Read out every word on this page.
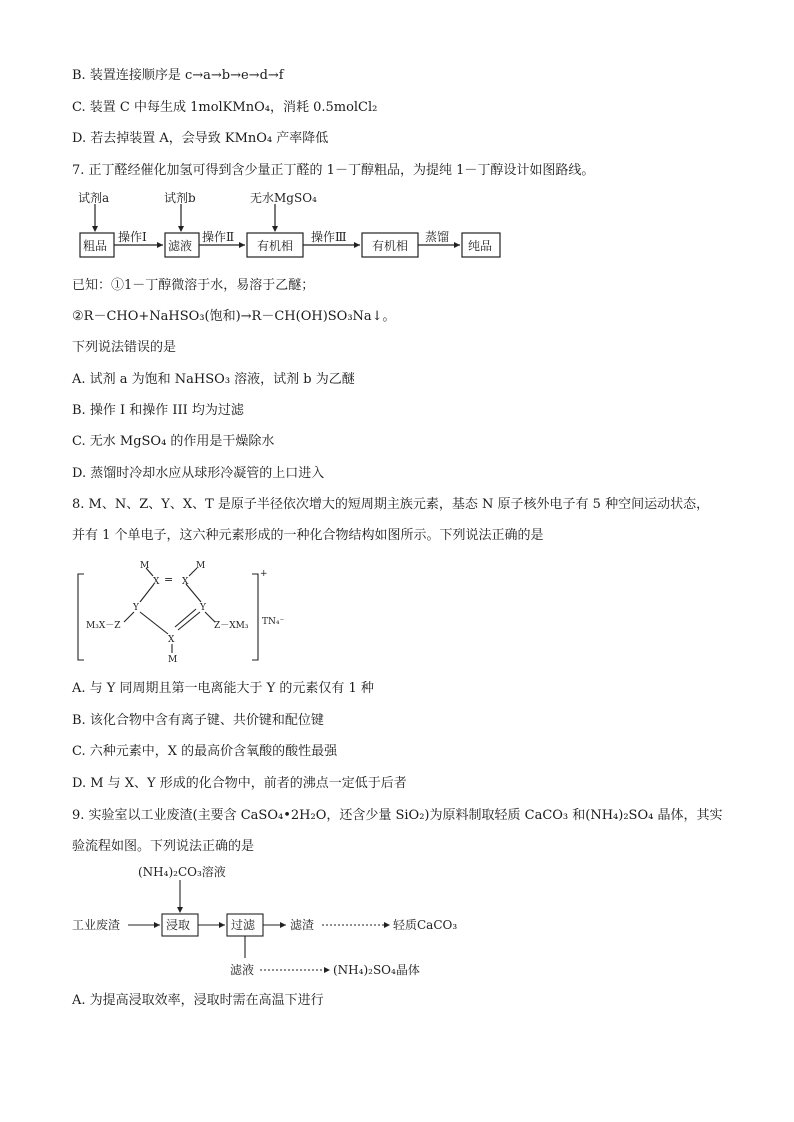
B. 装置连接顺序是 c→a→b→e→d→f
C. 装置 C 中每生成 1molKMnO₄，消耗 0.5molCl₂
D. 若去掉装置 A，会导致 KMnO₄ 产率降低
7. 正丁醛经催化加氢可得到含少量正丁醛的 1－丁醇粗品，为提纯 1－丁醇设计如图路线。
试剂a	试剂b	无水MgSO₄
粗品	滤液	有机相	有机相	纯品
操作Ⅰ	操作Ⅱ	操作Ⅲ	蒸馏
已知：①1－丁醇微溶于水，易溶于乙醚；
②R－CHO+NaHSO₃(饱和)→R－CH(OH)SO₃Na↓。
下列说法错误的是
A. 试剂 a 为饱和 NaHSO₃ 溶液，试剂 b 为乙醚
B. 操作 I 和操作 III 均为过滤
C. 无水 MgSO₄ 的作用是干燥除水
D. 蒸馏时冷却水应从球形冷凝管的上口进入
8. M、N、Z、Y、X、T 是原子半径依次增大的短周期主族元素，基态 N 原子核外电子有 5 种空间运动状态，
并有 1 个单电子，这六种元素形成的一种化合物结构如图所示。下列说法正确的是
M	M
X = X
Y	Y
M₃X－Z	Z－XM₃
X
M
+
TN₄⁻
A. 与 Y 同周期且第一电离能大于 Y 的元素仅有 1 种
B. 该化合物中含有离子键、共价键和配位键
C. 六种元素中，X 的最高价含氧酸的酸性最强
D. M 与 X、Y 形成的化合物中，前者的沸点一定低于后者
9. 实验室以工业废渣(主要含 CaSO₄•2H₂O，还含少量 SiO₂)为原料制取轻质 CaCO₃ 和(NH₄)₂SO₄ 晶体，其实
验流程如图。下列说法正确的是
(NH₄)₂CO₃溶液
工业废渣	浸取	过滤	滤渣	轻质CaCO₃
滤液	(NH₄)₂SO₄晶体
A. 为提高浸取效率，浸取时需在高温下进行
